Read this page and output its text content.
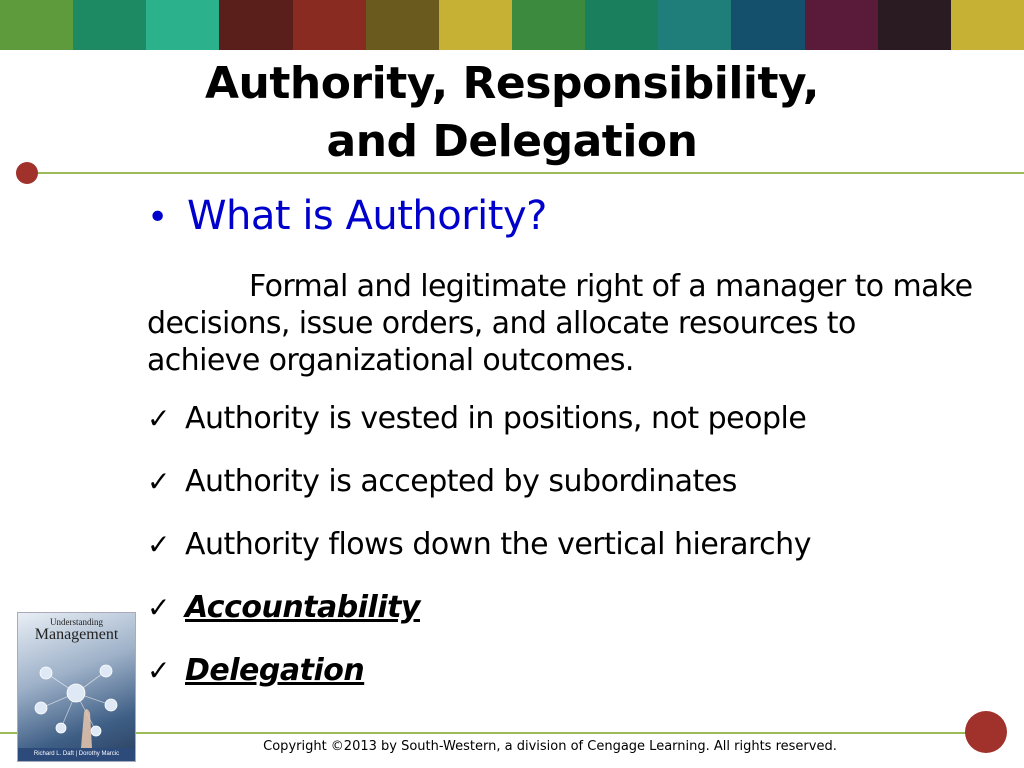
Authority, Responsibility,
and Delegation
• What is Authority?
Formal and legitimate right of a manager to make decisions, issue orders, and allocate resources to achieve organizational outcomes.
✓ Authority is vested in positions, not people
✓ Authority is accepted by subordinates
✓ Authority flows down the vertical hierarchy
✓ Accountability
✓ Delegation
Understanding
Management
Richard L. Daft | Dorothy Marcic	Copyright ©2013 by South-Western, a division of Cengage Learning. All rights reserved.
